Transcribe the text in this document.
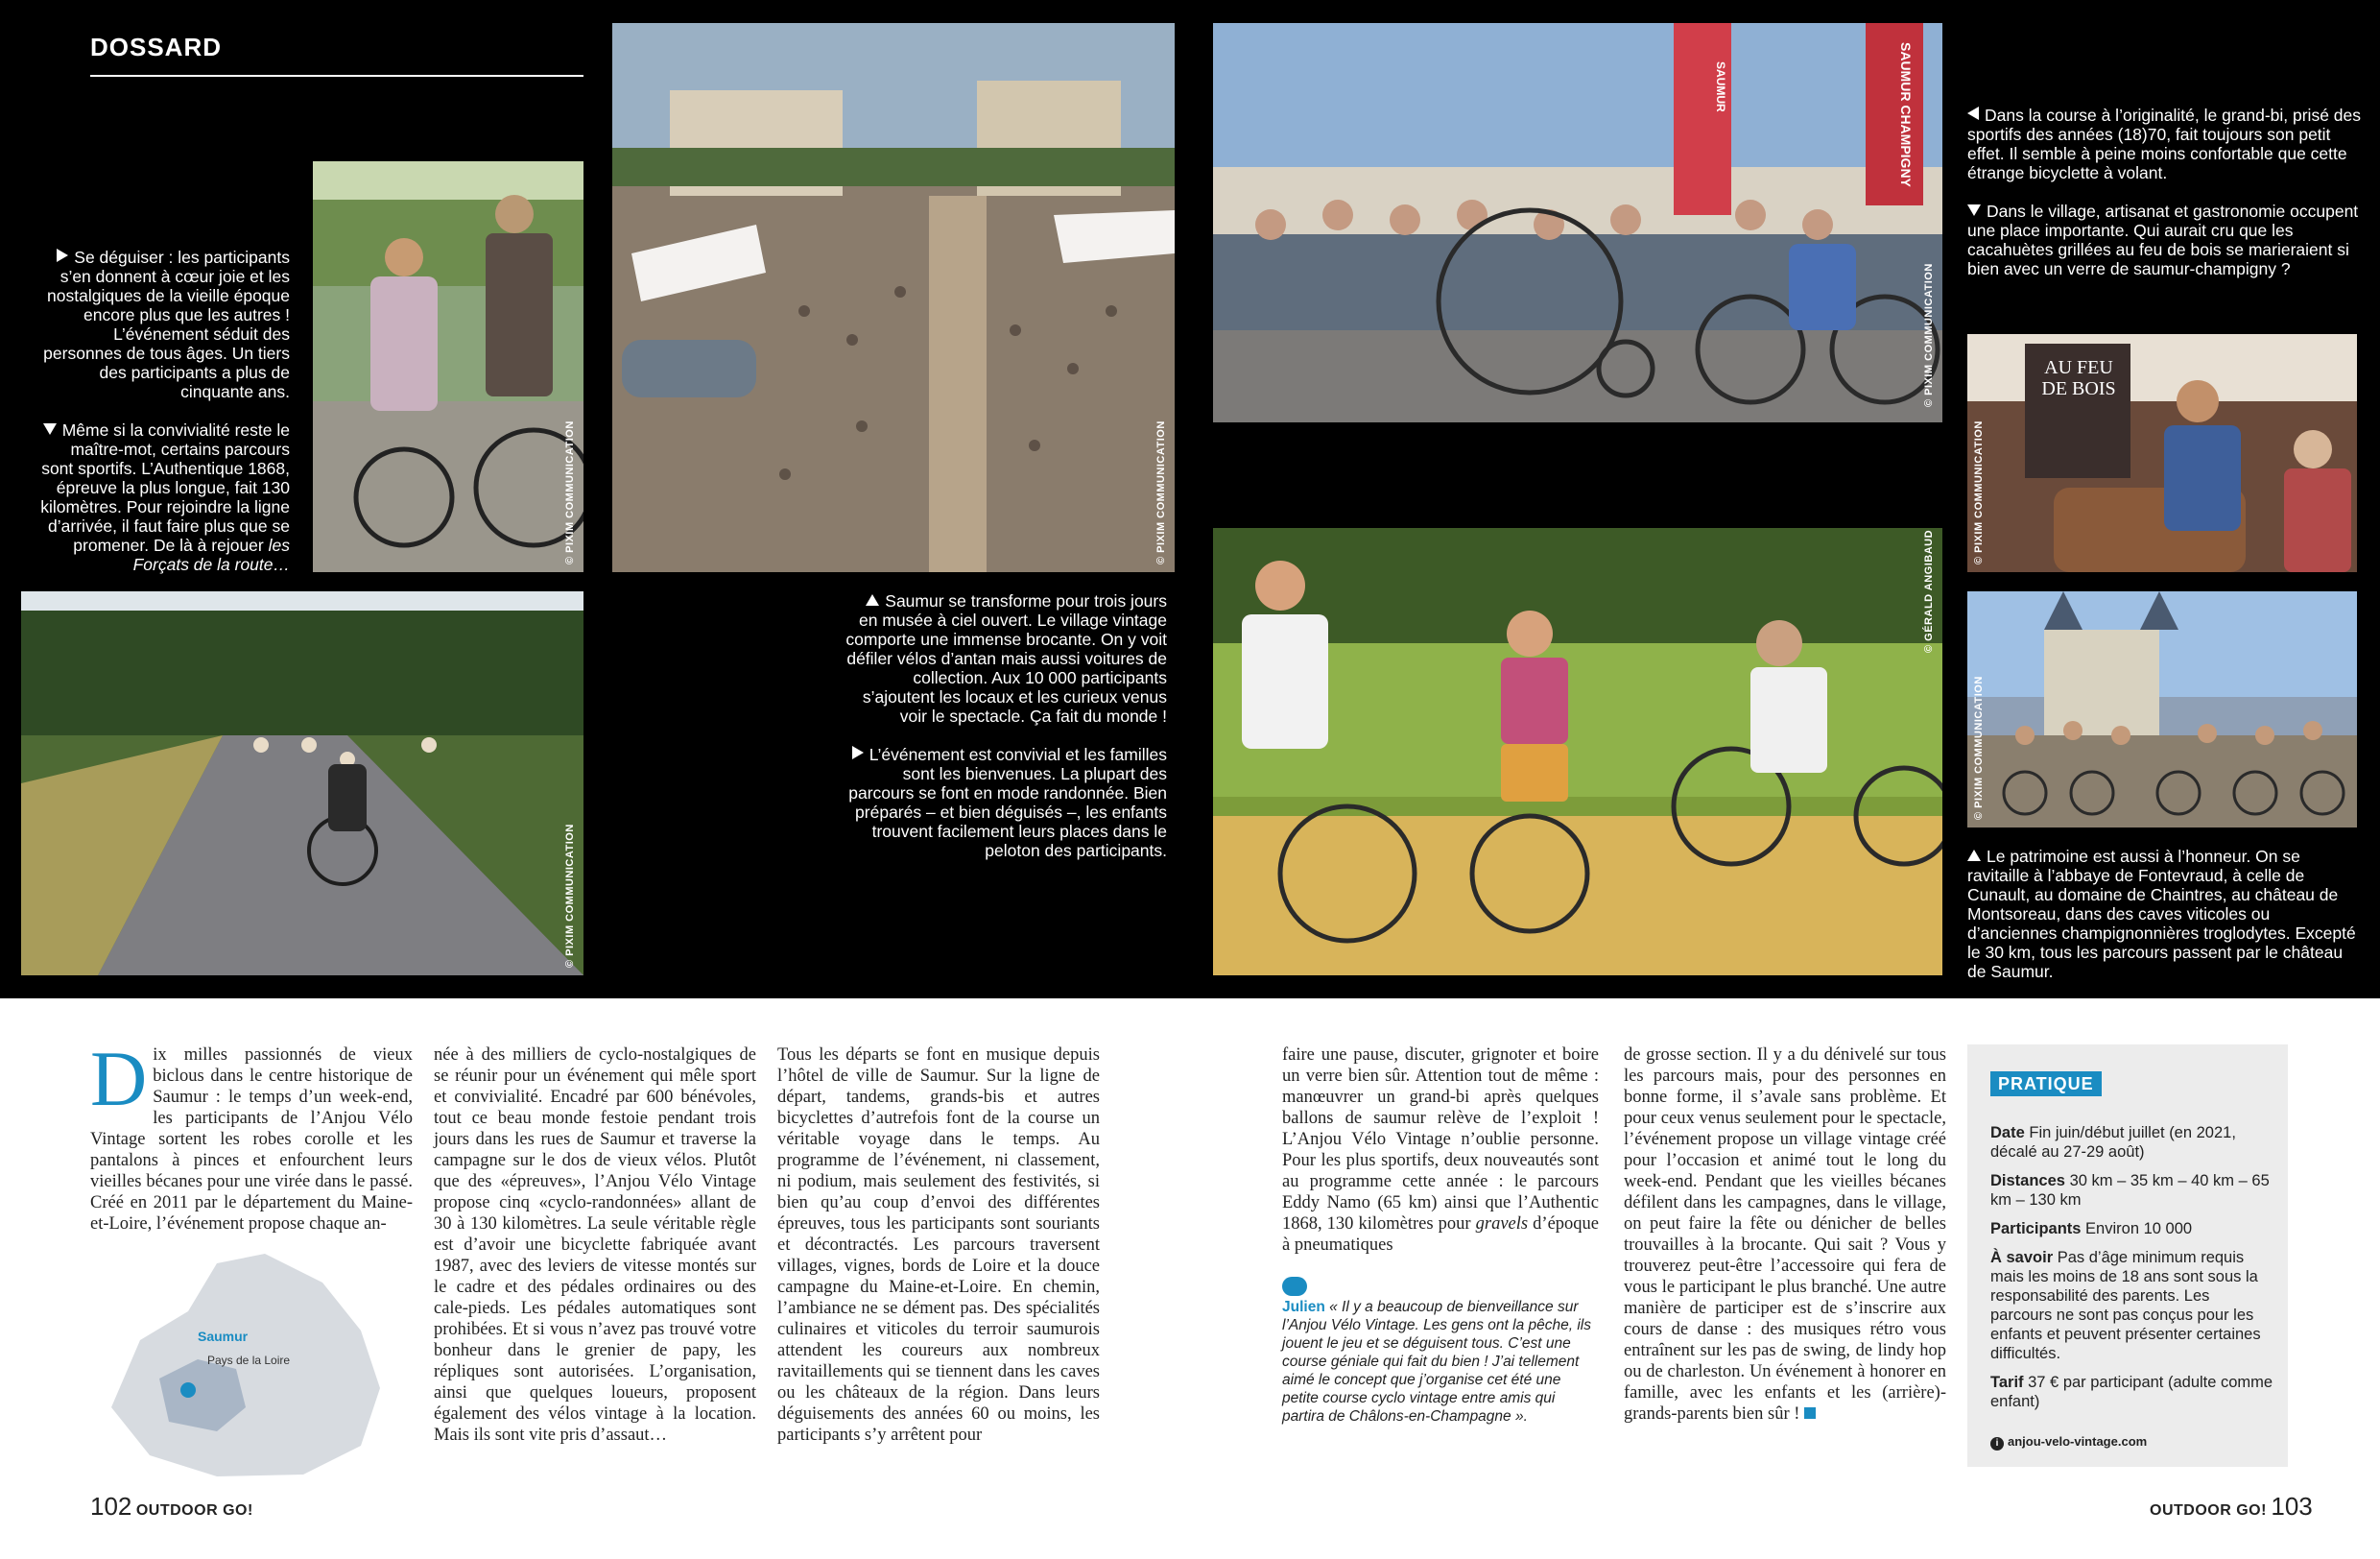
DOSSARD
© PIXIM COMMUNICATION	© PIXIM COMMUNICATION
SAUMUR	SAUMUR CHAMPIGNY
© PIXIM COMMUNICATION	AU FEU DE BOIS
© PIXIM COMMUNICATION
© PIXIM COMMUNICATION
© GÉRALD ANGIBAUD
© PIXIM COMMUNICATION

Se déguiser : les participants s’en donnent à cœur joie et les nostalgiques de la vieille époque encore plus que les autres ! L’événement séduit des personnes de tous âges. Un tiers des participants a plus de cinquante ans.

Même si la convivialité reste le maître-mot, certains parcours sont sportifs. L’Authentique 1868, épreuve la plus longue, fait 130 kilomètres. Pour rejoindre la ligne d’arrivée, il faut faire plus que se promener. De là à rejouer les Forçats de la route…

Saumur se transforme pour trois jours en musée à ciel ouvert. Le village vintage comporte une immense brocante. On y voit défiler vélos d’antan mais aussi voitures de collection. Aux 10 000 participants s’ajoutent les locaux et les curieux venus voir le spectacle. Ça fait du monde !

L’événement est convivial et les familles sont les bienvenues. La plupart des parcours se font en mode randonnée. Bien préparés – et bien déguisés –, les enfants trouvent facilement leurs places dans le peloton des participants.

Dans la course à l’originalité, le grand-bi, prisé des sportifs des années (18)70, fait toujours son petit effet. Il semble à peine moins confortable que cette étrange bicyclette à volant.

Dans le village, artisanat et gastronomie occupent une place importante. Qui aurait cru que les cacahuètes grillées au feu de bois se marieraient si bien avec un verre de saumur-champigny ?

Le patrimoine est aussi à l’honneur. On se ravitaille à l’abbaye de Fontevraud, à celle de Cunault, au domaine de Chaintres, au château de Montsoreau, dans des caves viticoles ou d’anciennes champignonnières troglodytes. Excepté le 30 km, tous les parcours passent par le château de Saumur.

Dix milles passionnés de vieux biclous dans le centre historique de Saumur : le temps d’un week-end, les participants de l’Anjou Vélo Vintage sortent les robes corolle et les pantalons à pinces et enfourchent leurs vieilles bécanes pour une virée dans le passé. Créé en 2011 par le département du Maine-et-Loire, l’événement propose chaque an-

Saumur
Pays de la Loire

née à des milliers de cyclo-nostalgiques de se réunir pour un événement qui mêle sport et convivialité. Encadré par 600 bénévoles, tout ce beau monde festoie pendant trois jours dans les rues de Saumur et traverse la campagne sur le dos de vieux vélos. Plutôt que des «épreuves», l’Anjou Vélo Vintage propose cinq «cyclo-randonnées» allant de 30 à 130 kilomètres. La seule véritable règle est d’avoir une bicyclette fabriquée avant 1987, avec des leviers de vitesse montés sur le cadre et des pédales ordinaires ou des cale-pieds. Les pédales automatiques sont prohibées. Et si vous n’avez pas trouvé votre bonheur dans le grenier de papy, les répliques sont autorisées. L’organisation, ainsi que quelques loueurs, proposent également des vélos vintage à la location. Mais ils sont vite pris d’assaut…

Tous les départs se font en musique depuis l’hôtel de ville de Saumur. Sur la ligne de départ, tandems, grands-bis et autres bicyclettes d’autrefois font de la course un véritable voyage dans le temps. Au programme de l’événement, ni classement, ni podium, mais seulement des festivités, si bien qu’au coup d’envoi des différentes épreuves, tous les participants sont souriants et décontractés. Les parcours traversent villages, vignes, bords de Loire et la douce campagne du Maine-et-Loire. En chemin, l’ambiance ne se dément pas. Des spécialités culinaires et viticoles du terroir saumurois attendent les coureurs aux nombreux ravitaillements qui se tiennent dans les caves ou les châteaux de la région. Dans leurs déguisements des années 60 ou moins, les participants s’y arrêtent pour

faire une pause, discuter, grignoter et boire un verre bien sûr. Attention tout de même : manœuvrer un grand-bi après quelques ballons de saumur relève de l’exploit ! L’Anjou Vélo Vintage n’oublie personne. Pour les plus sportifs, deux nouveautés sont au programme cette année : le parcours Eddy Namo (65 km) ainsi que l’Authentic 1868, 130 kilomètres pour gravels d’époque à pneumatiques

Julien « Il y a beaucoup de bienveillance sur l’Anjou Vélo Vintage. Les gens ont la pêche, ils jouent le jeu et se déguisent tous. C’est une course géniale qui fait du bien ! J’ai tellement aimé le concept que j’organise cet été une petite course cyclo vintage entre amis qui partira de Châlons-en-Champagne ».

de grosse section. Il y a du dénivelé sur tous les parcours mais, pour des personnes en bonne forme, il s’avale sans problème. Et pour ceux venus seulement pour le spectacle, l’événement propose un village vintage créé pour l’occasion et animé tout le long du week-end. Pendant que les vieilles bécanes défilent dans les campagnes, dans le village, on peut faire la fête ou dénicher de belles trouvailles à la brocante. Qui sait ? Vous y trouverez peut-être l’accessoire qui fera de vous le participant le plus branché. Une autre manière de participer est de s’inscrire aux cours de danse : des musiques rétro vous entraînent sur les pas de swing, de lindy hop ou de charleston. Un événement à honorer en famille, avec les enfants et les (arrière)-grands-parents bien sûr !

PRATIQUE
Date Fin juin/début juillet (en 2021, décalé au 27-29 août)
Distances 30 km – 35 km – 40 km – 65 km – 130 km
Participants Environ 10 000
À savoir Pas d’âge minimum requis mais les moins de 18 ans sont sous la responsabilité des parents. Les parcours ne sont pas conçus pour les enfants et peuvent présenter certaines difficultés.
Tarif 37 € par participant (adulte comme enfant)
i anjou-velo-vintage.com
102 OUTDOOR GO!	OUTDOOR GO! 103
